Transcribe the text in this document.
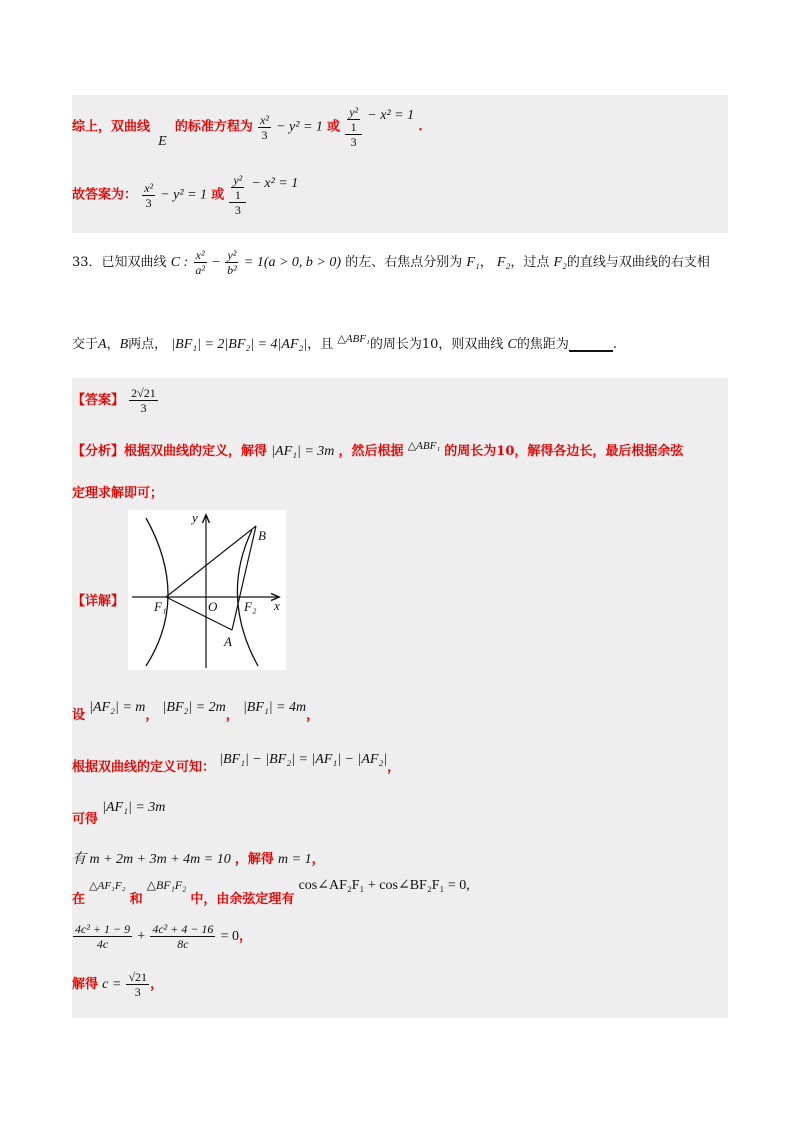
综上，双曲线 E 的标准方程为 $\frac{\text{x²}}{3} - y^2 = 1$ 或 y²
1
3 − x² = 1 .
故答案为： $\frac{\text{x²}}{3} - y^2 = 1$ 或 y²
1
3 − x² = 1
33．已知双曲线 C : $\frac{\text{x²}}{\text{a²}} - \frac{\text{y²}}{\text{b²}} = 1(a > 0$, b > 0) 的左、右焦点分别为 F₁， F₂，过点 F₂的直线与双曲线的右支相
交于A，B两点， |BF₁| = 2|BF₂| = 4|AF₂|，且 $^{\triangle ABF_1}$的周长为10，则双曲线 C的焦距为	.
【答案】 $\frac{2√21}{3}$
【分析】根据双曲线的定义，解得 |AF₁| = 3m ，然后根据 $^{\triangle ABF_1}$ 的周长为10，解得各边长，最后根据余弦
定理求解即可；
【详解】
设 |AF₂| = m， |BF₂| = 2m， |BF₁| = 4m，
根据双曲线的定义可知： |BF₁| − |BF₂| = |AF₁| − |AF₂|，
可得 |AF₁| = 3m
有 m + 2m + 3m + 4m = 10 ，解得 m = 1，
在 △AF₁F₂ 和 △BF₁F₂ 中，由余弦定理有 cos∠AF₂F₁ + cos∠BF₂F₁ = 0,
$\frac{\text{4c² + 1 − 9}}{4c} + \frac{\text{4c² + 4 − 16}}{8c} = 0$，
解得 $c = \frac{√21}{3}$ ，
y
x
B
A
O
F₁	F₂
